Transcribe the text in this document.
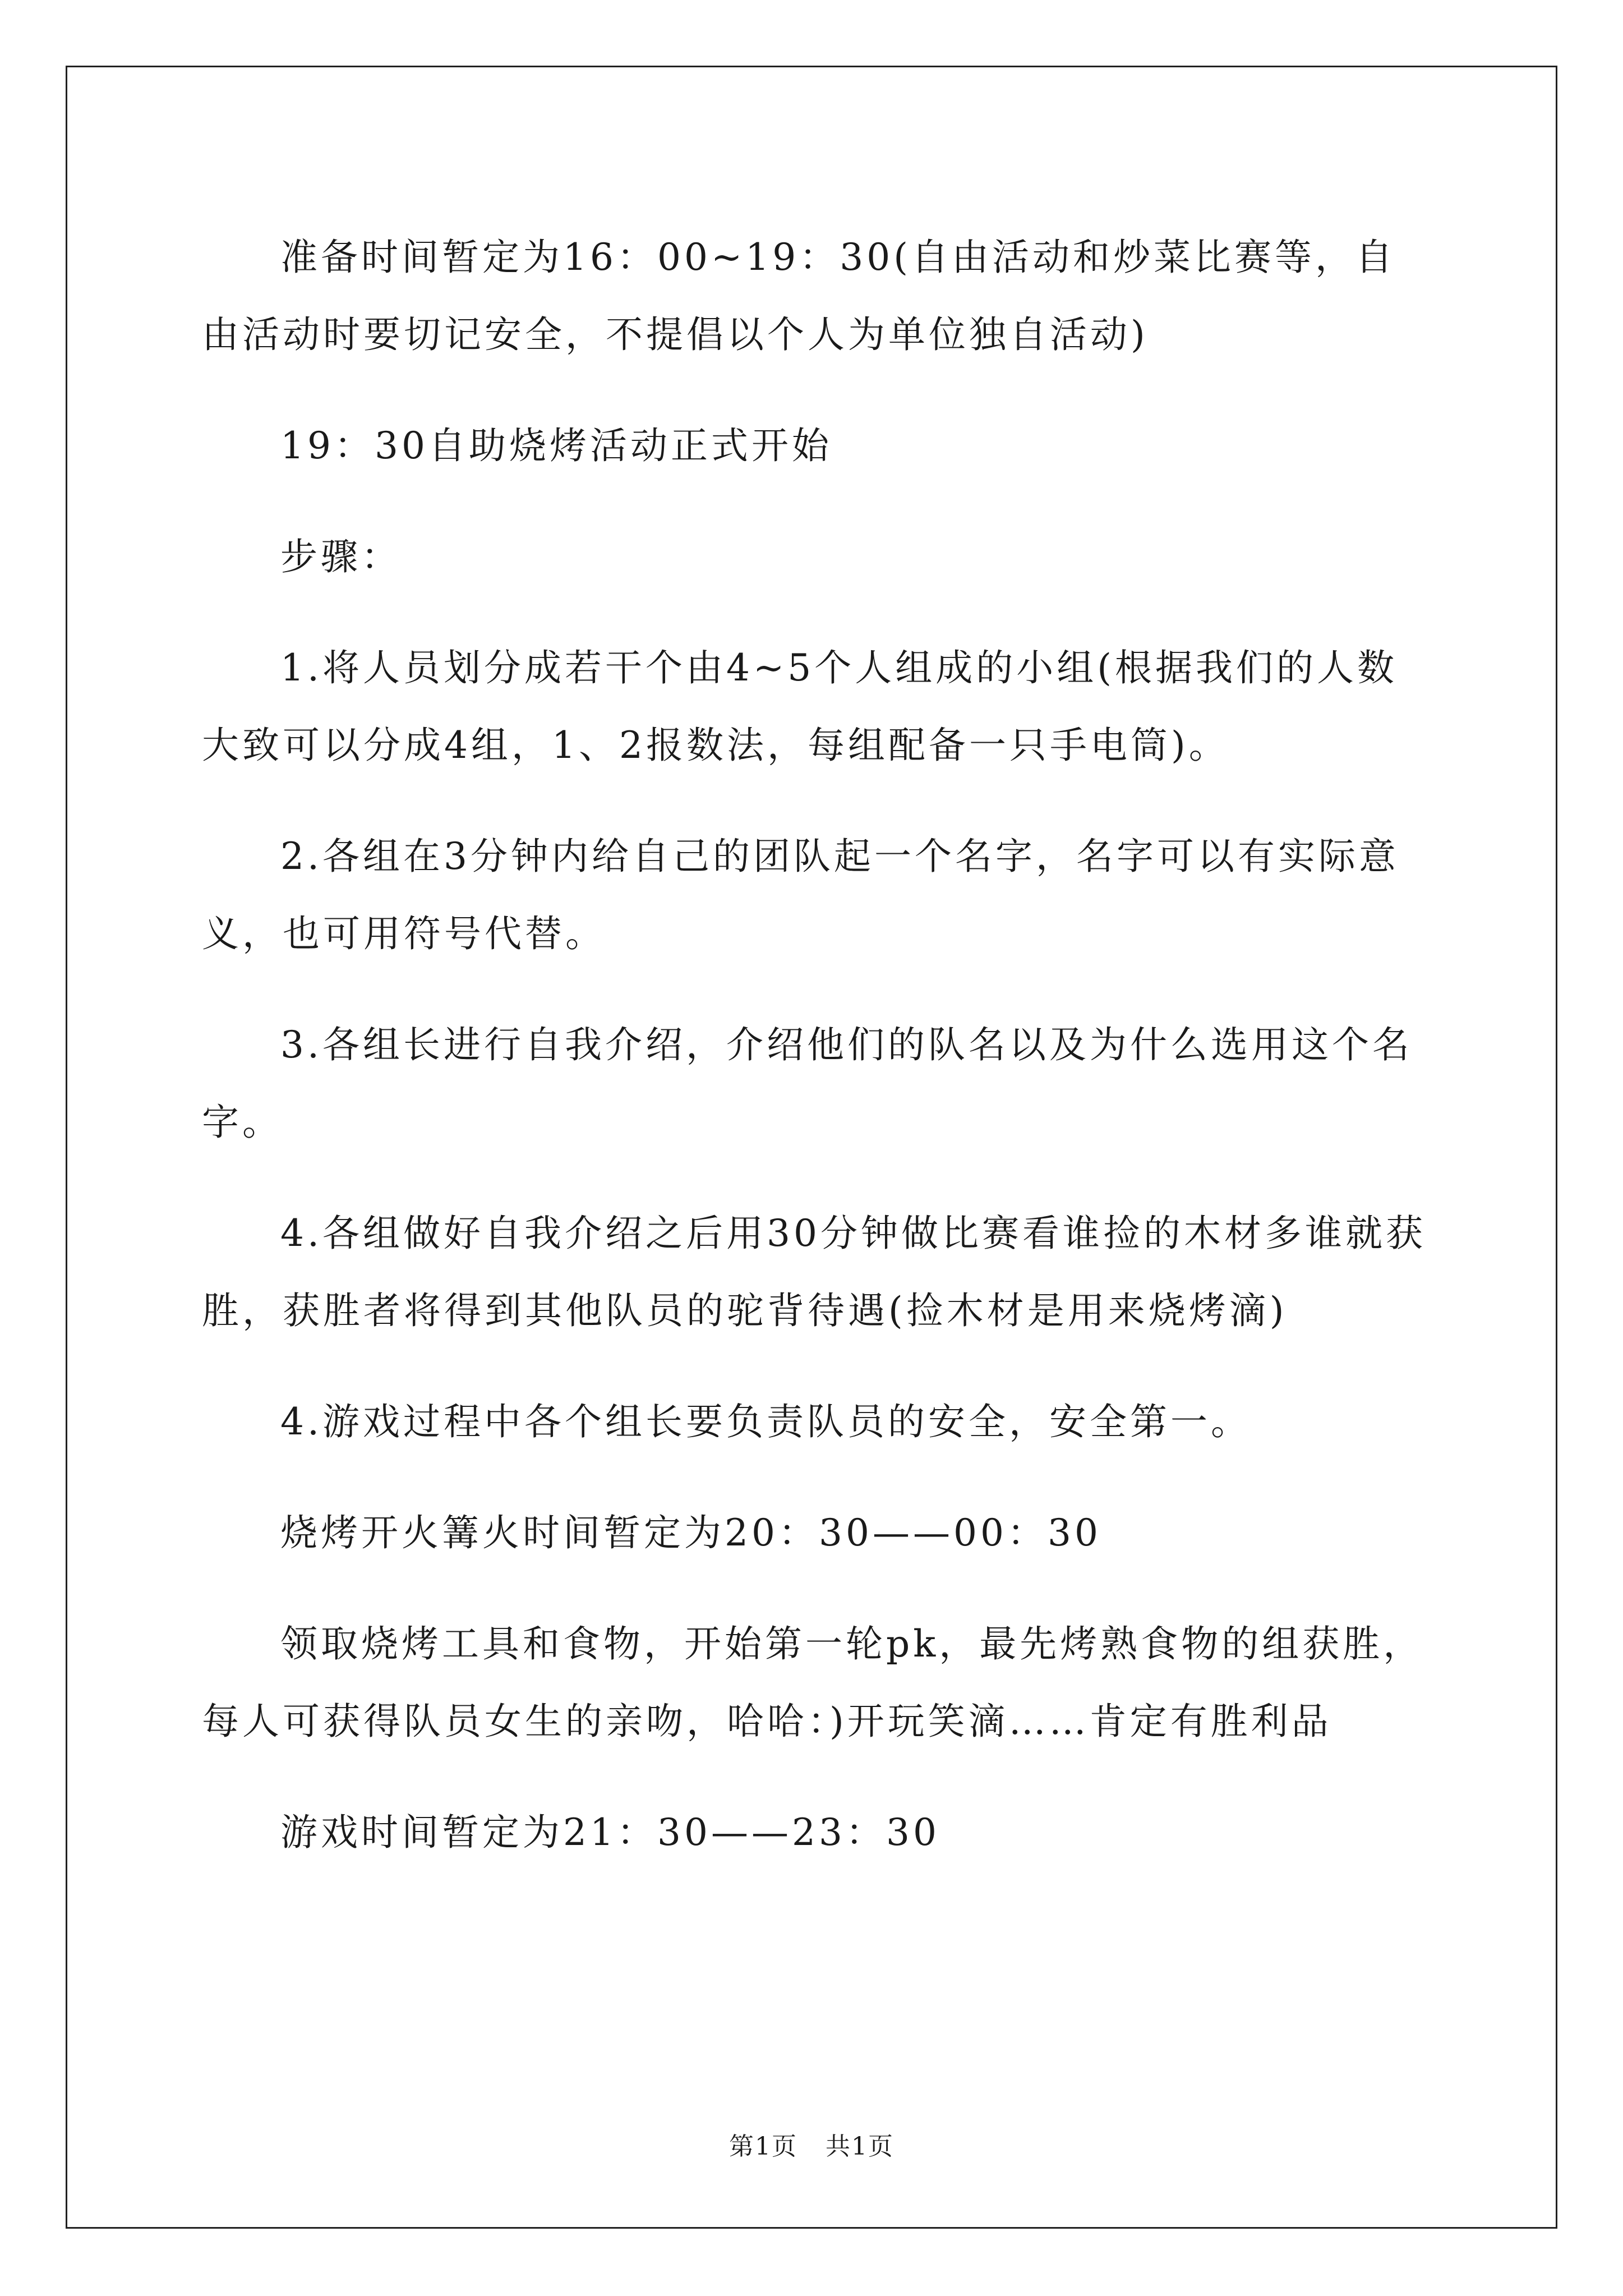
准备时间暂定为16：00~19：30(自由活动和炒菜比赛等，自由活动时要切记安全，不提倡以个人为单位独自活动)

19：30自助烧烤活动正式开始

步骤：

1.将人员划分成若干个由4~5个人组成的小组(根据我们的人数大致可以分成4组，1、2报数法，每组配备一只手电筒)。

2.各组在3分钟内给自己的团队起一个名字，名字可以有实际意义，也可用符号代替。

3.各组长进行自我介绍，介绍他们的队名以及为什么选用这个名字。

4.各组做好自我介绍之后用30分钟做比赛看谁捡的木材多谁就获胜，获胜者将得到其他队员的驼背待遇(捡木材是用来烧烤滴)

4.游戏过程中各个组长要负责队员的安全，安全第一。

烧烤开火篝火时间暂定为20：30——00：30

领取烧烤工具和食物，开始第一轮pk，最先烤熟食物的组获胜，每人可获得队员女生的亲吻，哈哈：)开玩笑滴……肯定有胜利品

游戏时间暂定为21：30——23：30

第1页 共1页
